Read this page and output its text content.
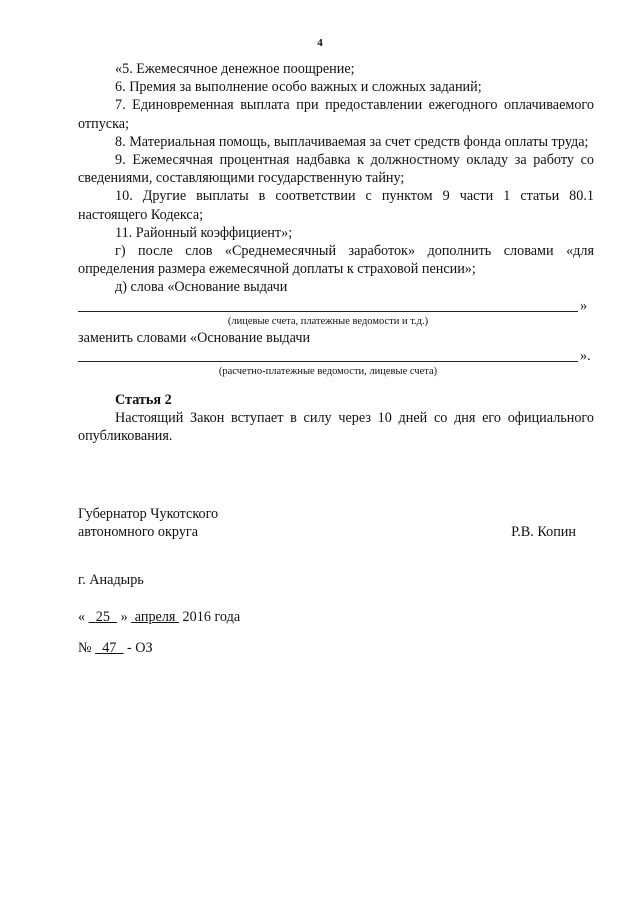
4

«5. Ежемесячное денежное поощрение;

6. Премия за выполнение особо важных и сложных заданий;

7. Единовременная выплата при предоставлении ежегодного оплачиваемого отпуска;

8. Материальная помощь, выплачиваемая за счет средств фонда оплаты труда;

9. Ежемесячная процентная надбавка к должностному окладу за работу со сведениями, составляющими государственную тайну;

10. Другие выплаты в соответствии с пунктом 9 части 1 статьи 80.1 настоящего Кодекса;

11. Районный коэффициент»;

г) после слов «Среднемесячный заработок» дополнить словами «для определения размера ежемесячной доплаты к страховой пенсии»;

д) слова «Основание выдачи

»
(лицевые счета, платежные ведомости и т.д.)

заменить словами «Основание выдачи

».
(расчетно-платежные ведомости, лицевые счета)

Статья 2

Настоящий Закон вступает в силу через 10 дней со дня его официального опубликования.

Губернатор Чукотского
автономного округа	Р.В. Копин
г. Анадырь
« 25 » апреля 2016 года
№ 47 - ОЗ
